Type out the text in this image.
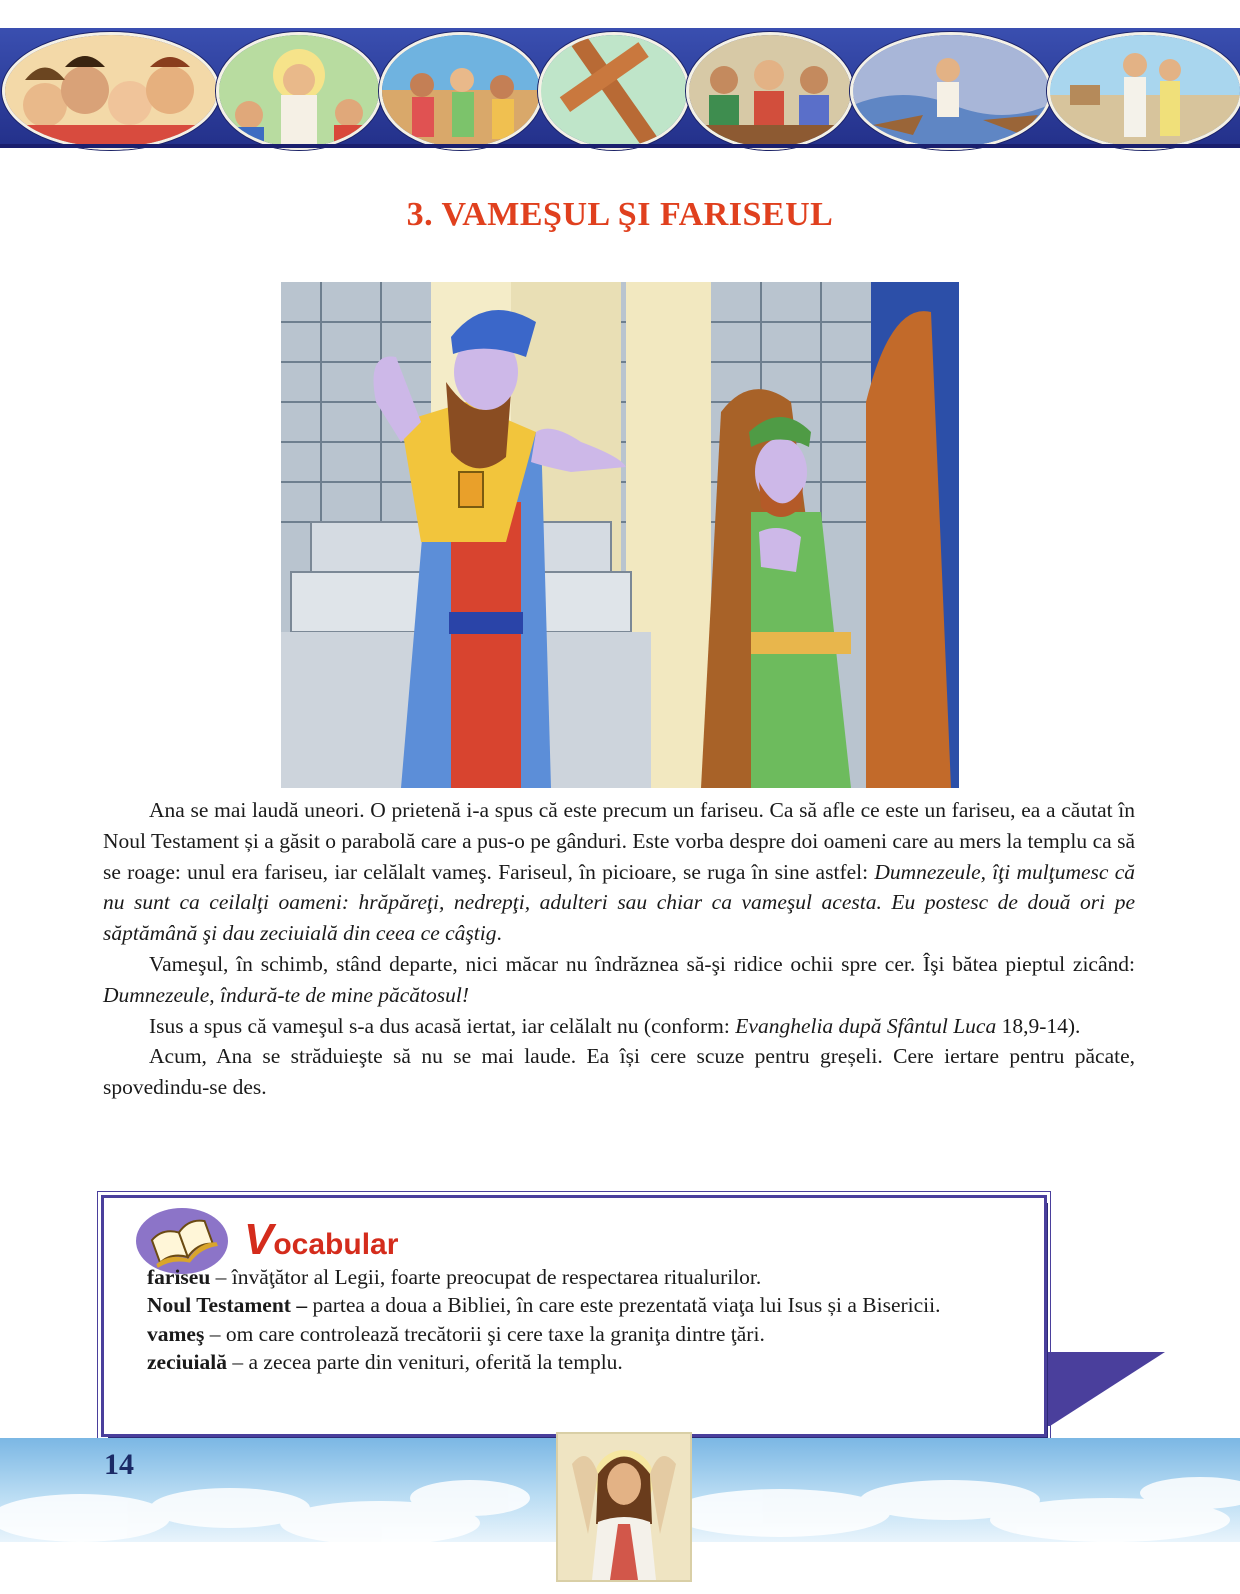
3. VAMEŞUL ŞI FARISEUL

Ana se mai laudă uneori. O prietenă i-a spus că este precum un fariseu. Ca să afle ce este un fariseu, ea a căutat în Noul Testament și a găsit o parabolă care a pus-o pe gânduri. Este vorba despre doi oameni care au mers la templu ca să se roage: unul era fariseu, iar celălalt vameş. Fariseul, în picioare, se ruga în sine astfel: Dumnezeule, îţi mulţumesc că nu sunt ca ceilalţi oameni: hrăpăreţi, nedrepţi, adulteri sau chiar ca vameşul acesta. Eu postesc de două ori pe săptămână şi dau zeciuială din ceea ce câştig.

Vameşul, în schimb, stând departe, nici măcar nu îndrăznea să-şi ridice ochii spre cer. Îşi bătea pieptul zicând: Dumnezeule, îndură-te de mine păcătosul!

Isus a spus că vameşul s-a dus acasă iertat, iar celălalt nu (conform: Evanghelia după Sfântul Luca 18,9-14).

Acum, Ana se străduieşte să nu se mai laude. Ea își cere scuze pentru greșeli. Cere iertare pentru păcate, spovedindu-se des.

Vocabular

fariseu – învăţător al Legii, foarte preocupat de respectarea ritualurilor.

Noul Testament – partea a doua a Bibliei, în care este prezentată viaţa lui Isus și a Bisericii.

vameş – om care controlează trecătorii şi cere taxe la graniţa dintre ţări.

zeciuială – a zecea parte din venituri, oferită la templu.

14
